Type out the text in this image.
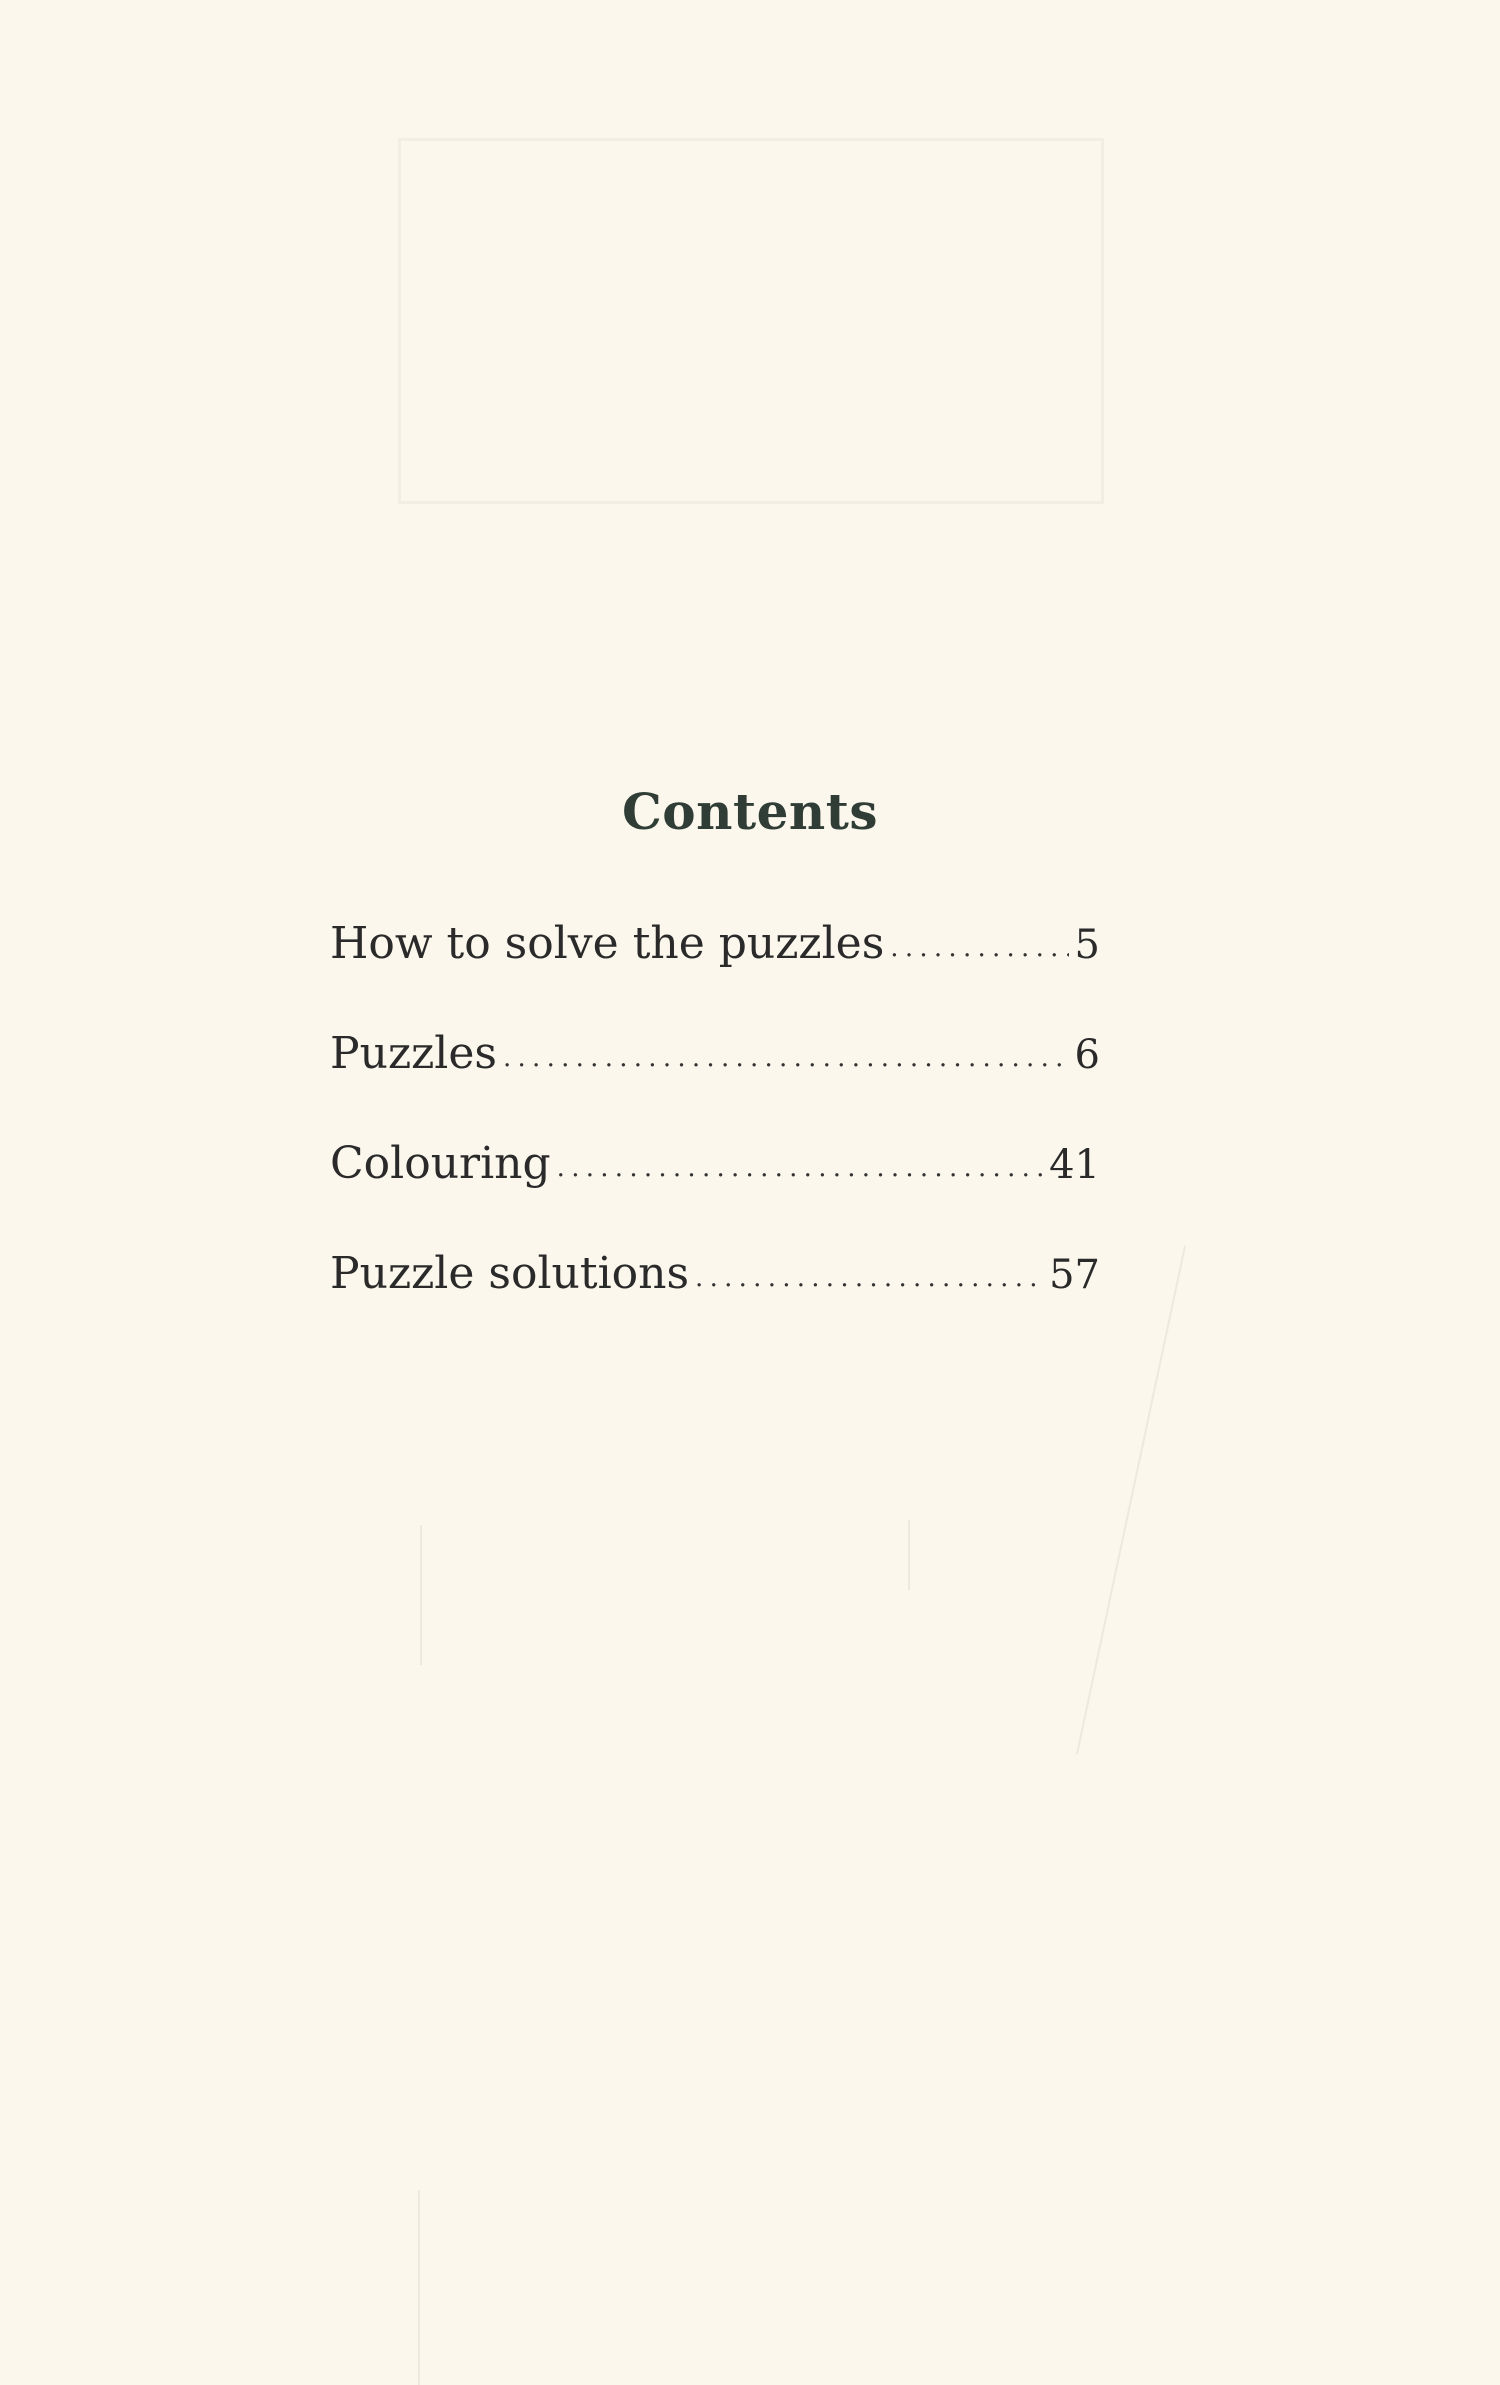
Contents
How to solve the puzzles . . .	5
Puzzles . . .	6
Colouring . . .	41
Puzzle solutions . . .	57
